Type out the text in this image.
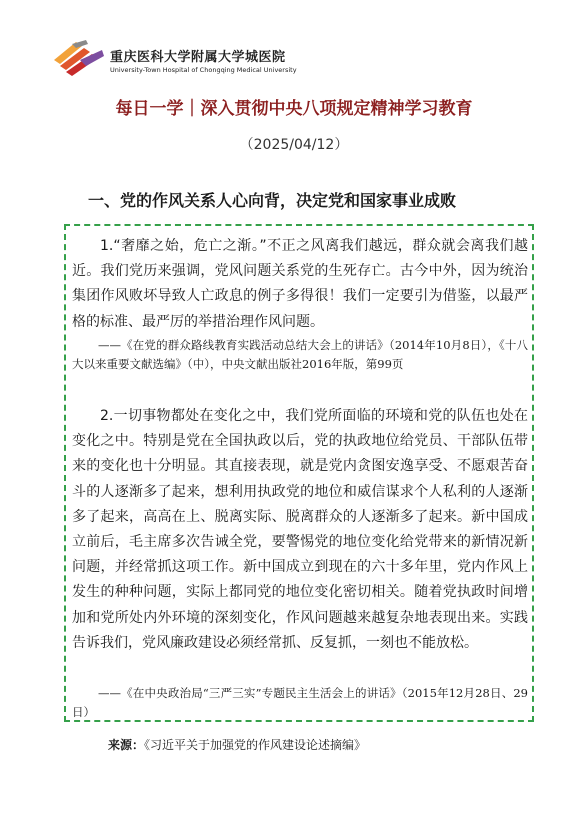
重庆医科大学附属大学城医院
University-Town Hospital of Chongqing Medical University
每日一学｜深入贯彻中央八项规定精神学习教育
（2025/04/12）
一、党的作风关系人心向背，决定党和国家事业成败
1.“奢靡之始，危亡之渐。”不正之风离我们越远，群众就会离我们越近。我们党历来强调，党风问题关系党的生死存亡。古今中外，因为统治集团作风败坏导致人亡政息的例子多得很！我们一定要引为借鉴，以最严格的标准、最严厉的举措治理作风问题。
——《在党的群众路线教育实践活动总结大会上的讲话》（2014年10月8日），《十八大以来重要文献选编》（中），中央文献出版社2016年版，第99页
2.一切事物都处在变化之中，我们党所面临的环境和党的队伍也处在变化之中。特别是党在全国执政以后，党的执政地位给党员、干部队伍带来的变化也十分明显。其直接表现，就是党内贪图安逸享受、不愿艰苦奋斗的人逐渐多了起来，想利用执政党的地位和威信谋求个人私利的人逐渐多了起来，高高在上、脱离实际、脱离群众的人逐渐多了起来。新中国成立前后，毛主席多次告诫全党，要警惕党的地位变化给党带来的新情况新问题，并经常抓这项工作。新中国成立到现在的六十多年里，党内作风上发生的种种问题，实际上都同党的地位变化密切相关。随着党执政时间增加和党所处内外环境的深刻变化，作风问题越来越复杂地表现出来。实践告诉我们，党风廉政建设必须经常抓、反复抓，一刻也不能放松。
——《在中央政治局“三严三实”专题民主生活会上的讲话》（2015年12月28日、29日）
来源：《习近平关于加强党的作风建设论述摘编》
